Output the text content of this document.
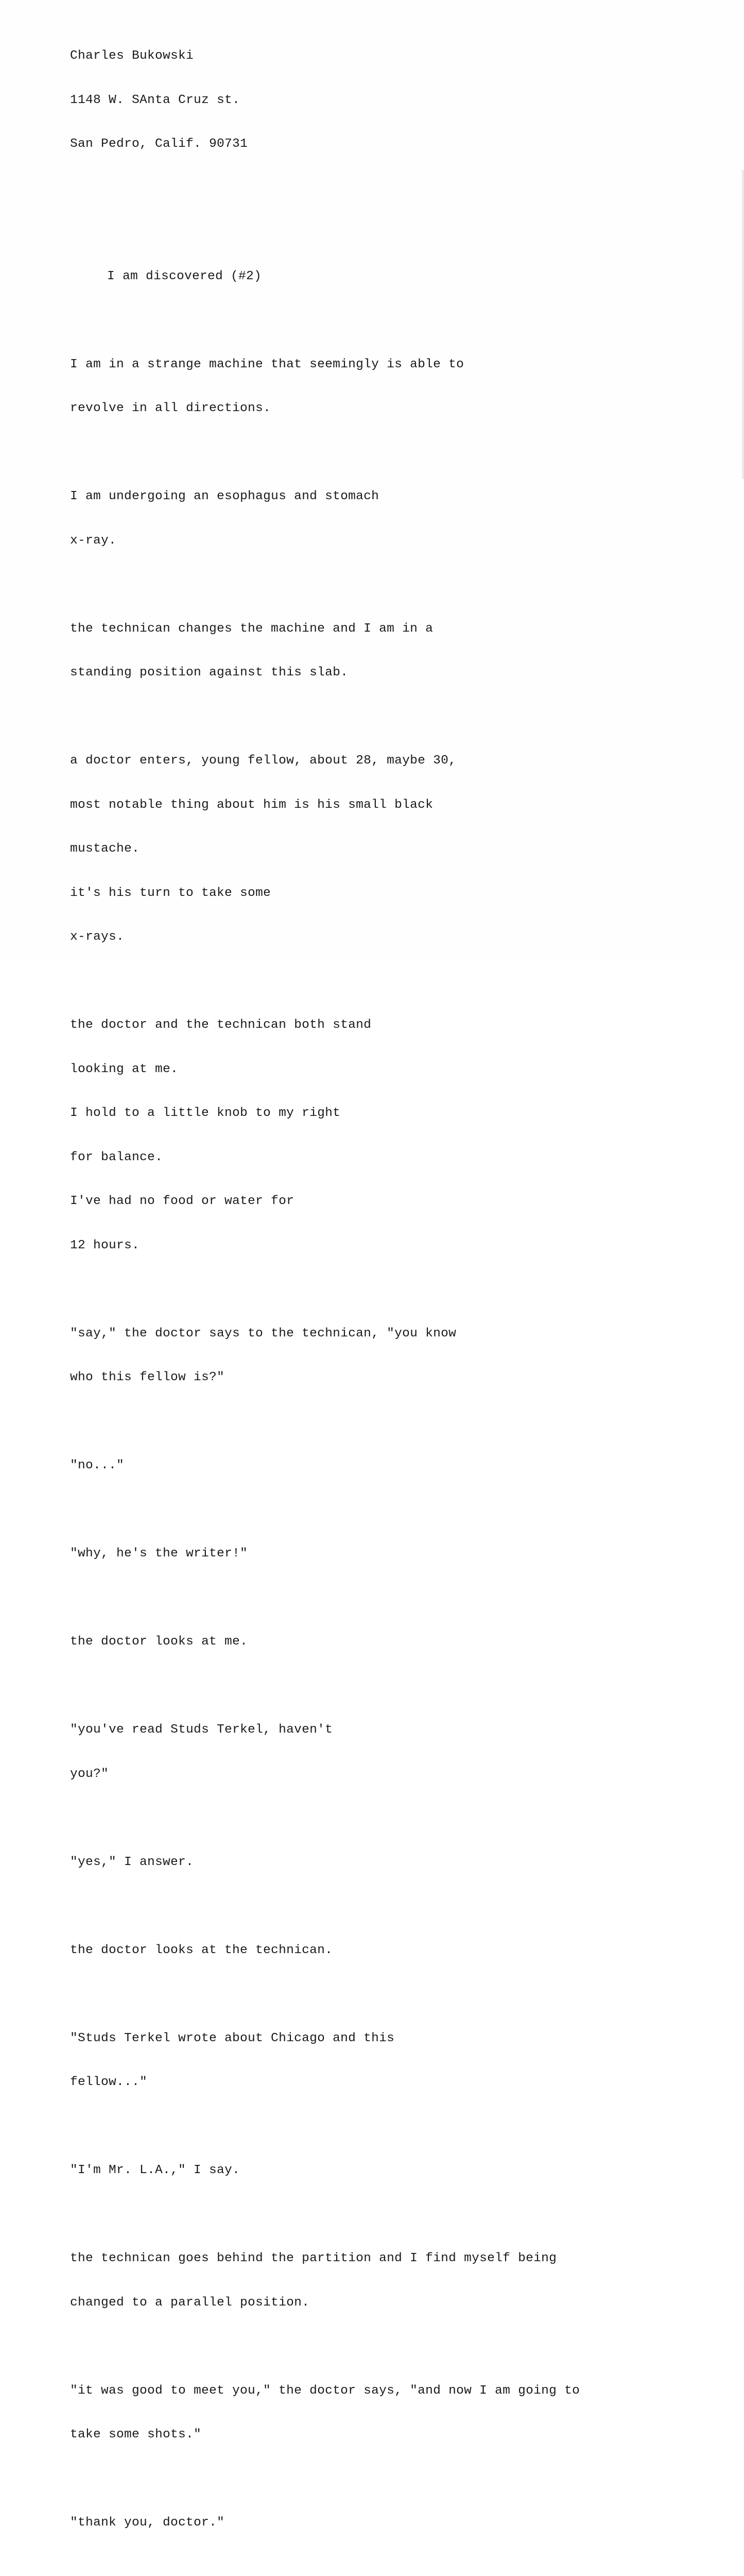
Charles Bukowski

1148 W. SAnta Cruz st.

San Pedro, Calif. 90731

I am discovered (#2)

I am in a strange machine that seemingly is able to

revolve in all directions.

I am undergoing an esophagus and stomach

x-ray.

the technican changes the machine and I am in a

standing position against this slab.

a doctor enters, young fellow, about 28, maybe 30,

most notable thing about him is his small black

mustache.

it's his turn to take some

x-rays.

the doctor and the technican both stand

looking at me.

I hold to a little knob to my right

for balance.

I've had no food or water for

12 hours.

"say," the doctor says to the technican, "you know

who this fellow is?"

"no..."

"why, he's the writer!"

the doctor looks at me.

"you've read Studs Terkel, haven't

you?"

"yes," I answer.

the doctor looks at the technican.

"Studs Terkel wrote about Chicago and this

fellow..."

"I'm Mr. L.A.," I say.

the technican goes behind the partition and I find myself being

changed to a parallel position.

"it was good to meet you," the doctor says, "and now I am going to

take some shots."

"thank you, doctor."
